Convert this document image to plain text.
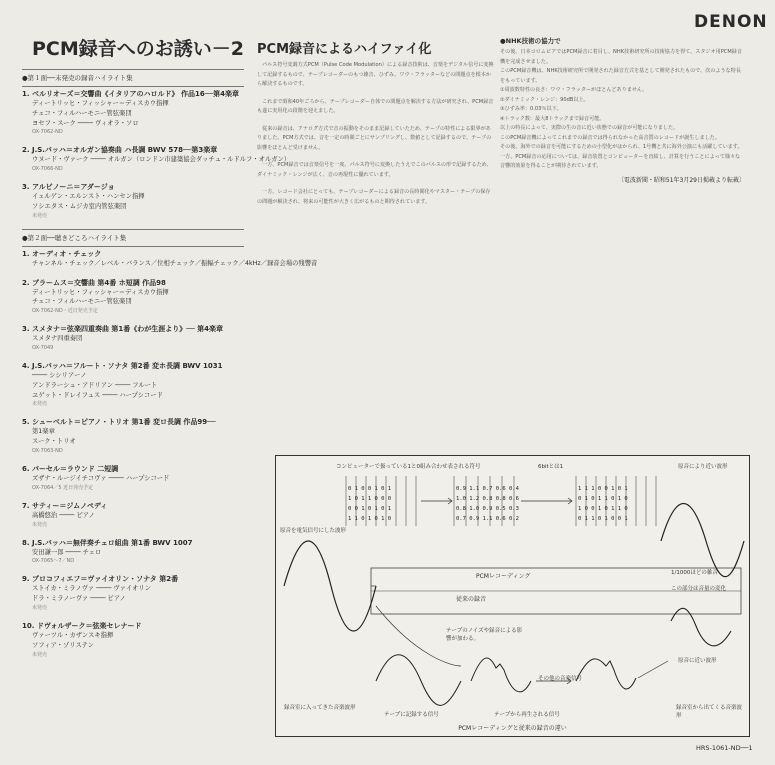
DENON
PCM録音へのお誘い－2
●第１面──未発売の録音ハイライト集
1. ベルリオーズ＝交響曲《イタリアのハロルド》 作品16──第4楽章
ディートリッヒ・フィッシャー＝ディスカウ指揮
チェコ・フィルハーモニー管弦楽団
ヨセフ・スーク ──── ヴィオラ・ソロ
OX-7062-ND
2. J.S.バッハ＝オルガン協奏曲 ハ長調 BWV 578──第3楽章
ウヌード・ヴァーク ──── オルガン（ロンドン市建築協会ダッチュ・ルドルフ・オルガン）
OX-7066-ND
3. アルビノーニ＝アダージョ
イェルゲン・エルンスト・ハンセン指揮
ソシエタス・ムジカ室内管弦楽団
未発売
●第２面──聴きどころハイライト集
1. オーディオ・チェック
チャンネル・チェック／レベル・バランス／位相チェック／振幅チェック／4kHz／録音会場の残響音
2. ブラームス＝交響曲 第4番 ホ短調 作品98
ディートリッヒ・フィッシャー＝ディスカウ指揮
チェコ・フィルハーモニー管弦楽団
OX-7062-ND・近日発売予定
3. スメタナ＝弦楽四重奏曲 第1番《わが生涯より》── 第4楽章
スメタナ四重奏団
OX-7049
4. J.S.バッハ＝フルート・ソナタ 第2番 変ホ長調 BWV 1031
──── シシリアーノ
アンドラーシュ・アドリアン ──── フルート
ユゲット・ドレイフュス ──── ハープシコード
未発売
5. シューベルト＝ピアノ・トリオ 第1番 変ロ長調 作品99──
第1楽章
スーク・トリオ
OX-7063-ND
6. パーセル＝ラウンド 二短調
ズザナ・ルージイチコヴァ ──── ハープシコード
OX-7064／5 近日発売予定
7. サティー＝ジムノペディ
高橋悠治 ──── ピアノ
未発売
8. J.S.バッハ＝無伴奏チェロ組曲 第1番 BWV 1007
安田謙一郎 ──── チェロ
OX-7065〜7／ND
9. プロコフィエフ＝ヴァイオリン・ソナタ 第2番
ストイカ・ミラノヴァ ──── ヴァイオリン
ドラ・ミラノーヴァ ──── ピアノ
未発売
10. ドヴォルザーク＝弦楽セレナード
ヴァーツル・カザンスキ指揮
ソフィア・ゾリステン
未発売
PCM録音によるハイファイ化

パルス符号変調方式PCM（Pulse Code Modulation）による録音技術は、音楽をデジタル信号に変換して記録するもので、テープレコーダーのもつ雑音、ひずみ、ワウ・フラッターなどの問題点を根本から解決するものです。

これまで昭和40年ごろから、テープレコーダー自体での問題点を解決する方法が研究され、PCM録音も遂に実用化の段階を迎えました。

従来の録音は、アナログ方式で音の振動をそのまま記録していたため、テープの特性による限界がありました。PCM方式では、音を一定の時間ごとにサンプリングし、数値として記録するので、テープの影響をほとんど受けません。

一方、PCM録音では音楽信号を一度、パルス符号に変換したうえでこのパルスの形で記録するため、ダイナミック・レンジが広く、音の再現性に優れています。

一方、レコード会社にとっても、テープレコーダーによる録音の長時間化やマスター・テープの保存の問題が解決され、将来の可能性が大きく広がるものと期待されています。

●NHK技術の協力で
その後、日本コロムビアではPCM録音に着目し、NHK技術研究所の技術協力を得て、スタジオ用PCM録音機を完成させました。
このPCM録音機は、NHK技術研究所で開発された録音方式を基として開発されたもので、次のような特長をもっています。
①周波数特性の良さ：ワウ・フラッターがほとんどありません。
②ダイナミック・レンジ：90dB以上。
③ひずみ率：0.03％以下。
④トラック数：最大8トラックまで録音可能。
以上の特長によって、実際の生の音に近い状態での録音が可能になりました。
このPCM録音機によってこれまでの録音では得られなかった高音質のレコードが誕生しました。
その後、海外での録音を可能にするための小型化がはかられ、1号機と共に海外公演にも活躍しています。
一方、PCM録音の応用については、録音装置とコンピューターを直結し、計算を行うことによって様々な音響的効果を得ることが期待されています。
〔電波新聞・昭和51年3月29日掲載より転載〕
0 1 0 0 1 0 1
1 0 1 1 0 0 0
0 0 1 0 1 0 1
1 1 0 1 0 1 0
0.9 1.1 0.7 0.6 0.4
1.0 1.2 0.8 0.8 0.6
0.8 1.0 0.9 0.5 0.3
0.7 0.9 1.1 0.6 0.2
1 1 1 0 0 1 0 1
0 1 0 1 1 0 1 0
1 0 0 1 0 1 1 0
0 1 1 0 1 0 0 1
コンピューターで扱っている1と0組み合わせ表される符号	6bitとは1
原音を電気信号にした波形
PCMレコーディング
従来の録音
テープのノイズや録音による影響が加わる。
テープに記録する信号	テープから再生される信号
その他の音楽信号
1/1000ほどの雑音
この部分は音量の変化
録音室に入ってきた音楽波形	録音室から出てくる音楽波形
原音により近い波形
原音に近い波形
PCMレコーディングと従来の録音の違い
HRS-1061-ND──1
